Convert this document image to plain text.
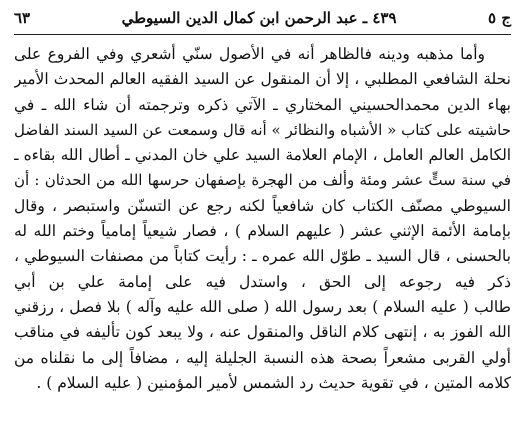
ج ٥
٤٣٩ ـ عبد الرحمن ابن كمال الدين السيوطي
٦٣
وأما مذهبه ودينه فالظاهر أنه في الأصول سنّي أشعري وفي الفروع على
نحلة الشافعي المطلبي ، إلا أن المنقول عن السيد الفقيه العالم المحدث الأمير
بهاء الدين محمدالحسيني المختاري ـ الآتي ذكره وترجمته أن شاء الله ـ في
حاشيته على كتاب « الأشباه والنظائر » أنه قال وسمعت عن السيد السند الفاضل
الكامل العالم العامل ، الإمام العلامة السيد علي خان المدني ـ أطال الله بقاءه ـ
في سنة ستٍّ عشر ومئة وألف من الهجرة بإصفهان حرسها الله من الحدثان : أن
السيوطي مصنّف الكتاب كان شافعياً لكنه رجع عن التسنّن واستبصر ، وقال
بإمامة الأئمة الإثني عشر ( عليهم السلام ) ، فصار شيعياً إمامياً وختم الله له
بالحسنى ، قال السيد ـ طوّل الله عمره ـ : رأيت كتاباً من مصنفات السيوطي ،
ذكر فيه رجوعه إلى الحق ، واستدل فيه على إمامة علي بن أبي
طالب ( عليه السلام ) بعد رسول الله ( صلى الله عليه وآله ) بلا فصل ، رزقني
الله الفوز به ، إنتهى كلام الناقل والمنقول عنه ، ولا يبعد كون تأليفه في مناقب
أولي القربى مشعراً بصحة هذه النسبة الجليلة إليه ، مضافاً إلى ما نقلناه من
كلامه المتين ، في تقوية حديث رد الشمس لأمير المؤمنين ( عليه السلام ) .
